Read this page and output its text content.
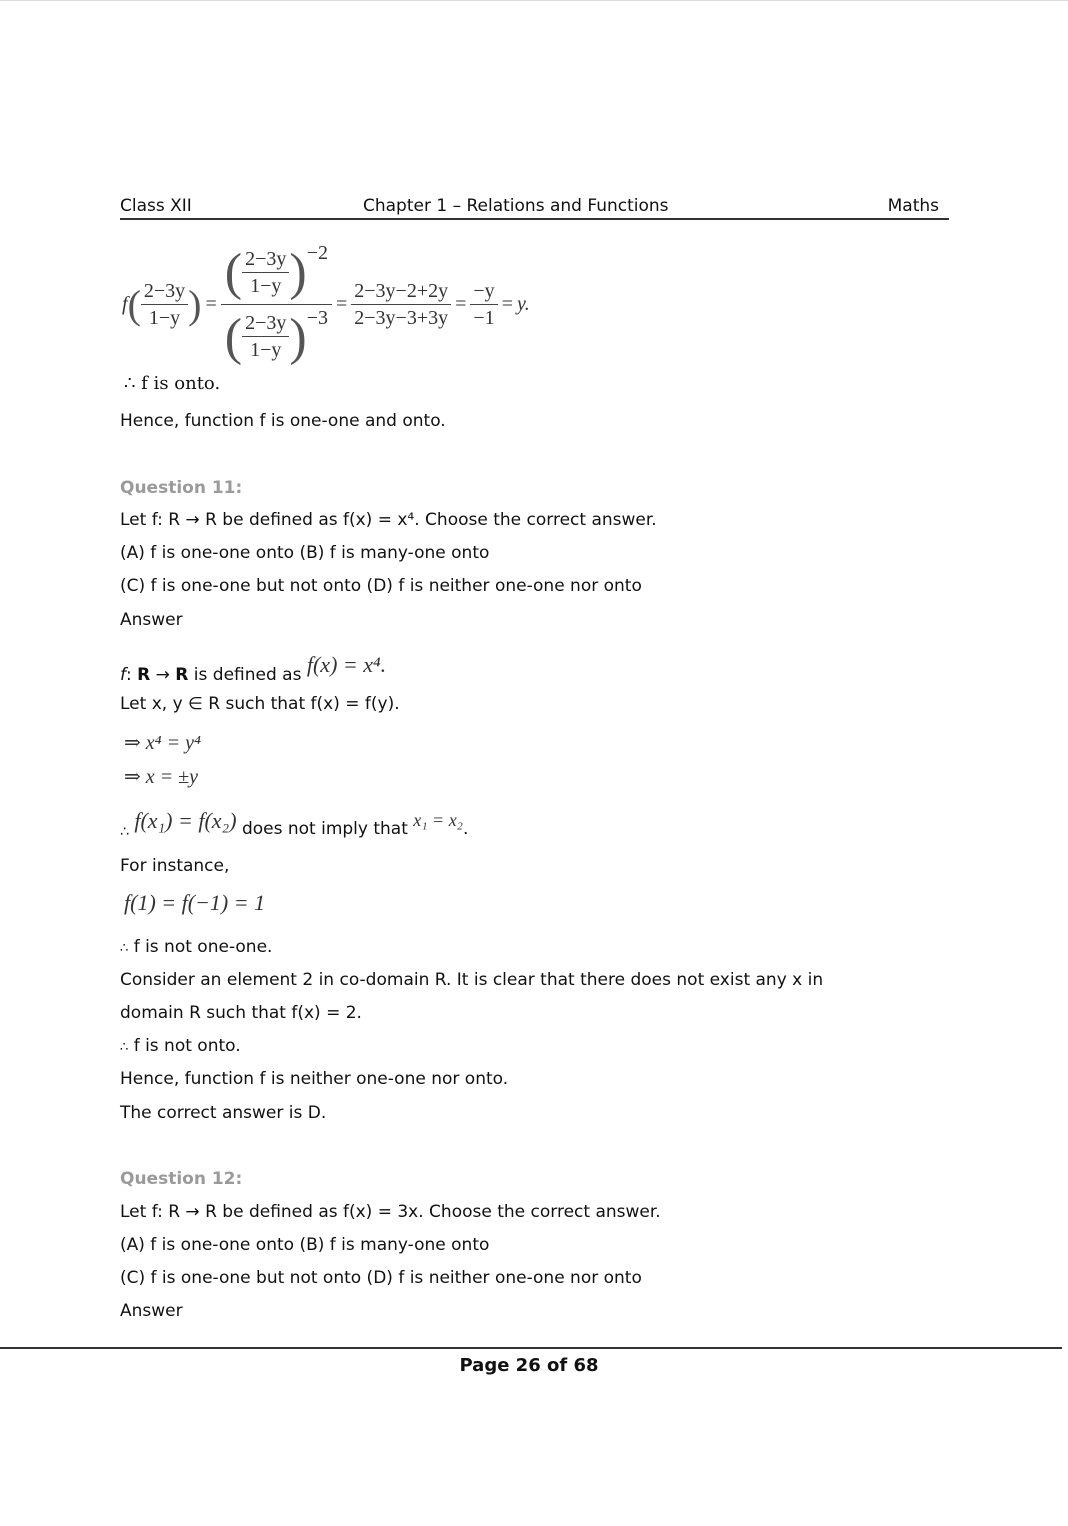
Class XII	Chapter 1 – Relations and Functions	Maths
f ( $\frac{2-3y}{1-y}$ ) = $\frac{( \frac{2-3y}{1-y} )-2}{( \frac{2-3y}{1-y} )-3} = \frac{2-3y-2+2y}{2-3y-3+3y} = \frac{-y}{-1} = y$.
∴ f is onto.
Hence, function f is one-one and onto.
Question 11:
Let f: R → R be defined as f(x) = x⁴. Choose the correct answer.
(A) f is one-one onto (B) f is many-one onto
(C) f is one-one but not onto (D) f is neither one-one nor onto
Answer
f: R → R is defined as f(x) = x⁴.
Let x, y ∈ R such that f(x) = f(y).
⇒ x⁴ = y⁴
⇒ x = ±y
$_\therefore$ f(x₁) = f(x₂) does not imply that x₁ = x₂.
For instance,
f(1) = f(−1) = 1
∴ f is not one-one.
Consider an element 2 in co-domain R. It is clear that there does not exist any x in
domain R such that f(x) = 2.
∴ f is not onto.
Hence, function f is neither one-one nor onto.
The correct answer is D.
Question 12:
Let f: R → R be defined as f(x) = 3x. Choose the correct answer.
(A) f is one-one onto (B) f is many-one onto
(C) f is one-one but not onto (D) f is neither one-one nor onto
Answer
Page 26 of 68
